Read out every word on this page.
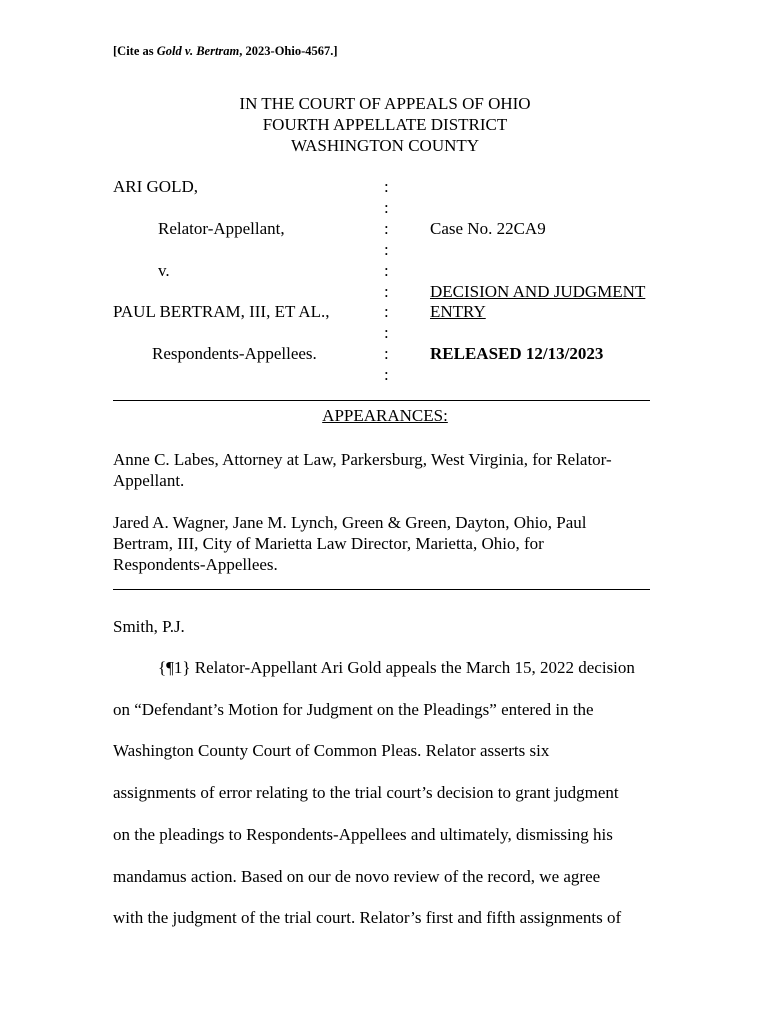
[Cite as Gold v. Bertram, 2023-Ohio-4567.]
IN THE COURT OF APPEALS OF OHIO
FOURTH APPELLATE DISTRICT
WASHINGTON COUNTY
ARI GOLD,
Relator-Appellant,
v.
PAUL BERTRAM, III, ET AL.,
Respondents-Appellees.
:
:
:
:
:
:
:
:
:
:
Case No. 22CA9
DECISION AND JUDGMENT
ENTRY
RELEASED 12/13/2023
APPEARANCES:
Anne C. Labes, Attorney at Law, Parkersburg, West Virginia, for Relator-
Appellant.
Jared A. Wagner, Jane M. Lynch, Green & Green, Dayton, Ohio, Paul
Bertram, III, City of Marietta Law Director, Marietta, Ohio, for
Respondents-Appellees.
Smith, P.J.
{¶1} Relator-Appellant Ari Gold appeals the March 15, 2022 decision
on “Defendant’s Motion for Judgment on the Pleadings” entered in the
Washington County Court of Common Pleas. Relator asserts six
assignments of error relating to the trial court’s decision to grant judgment
on the pleadings to Respondents-Appellees and ultimately, dismissing his
mandamus action. Based on our de novo review of the record, we agree
with the judgment of the trial court. Relator’s first and fifth assignments of
